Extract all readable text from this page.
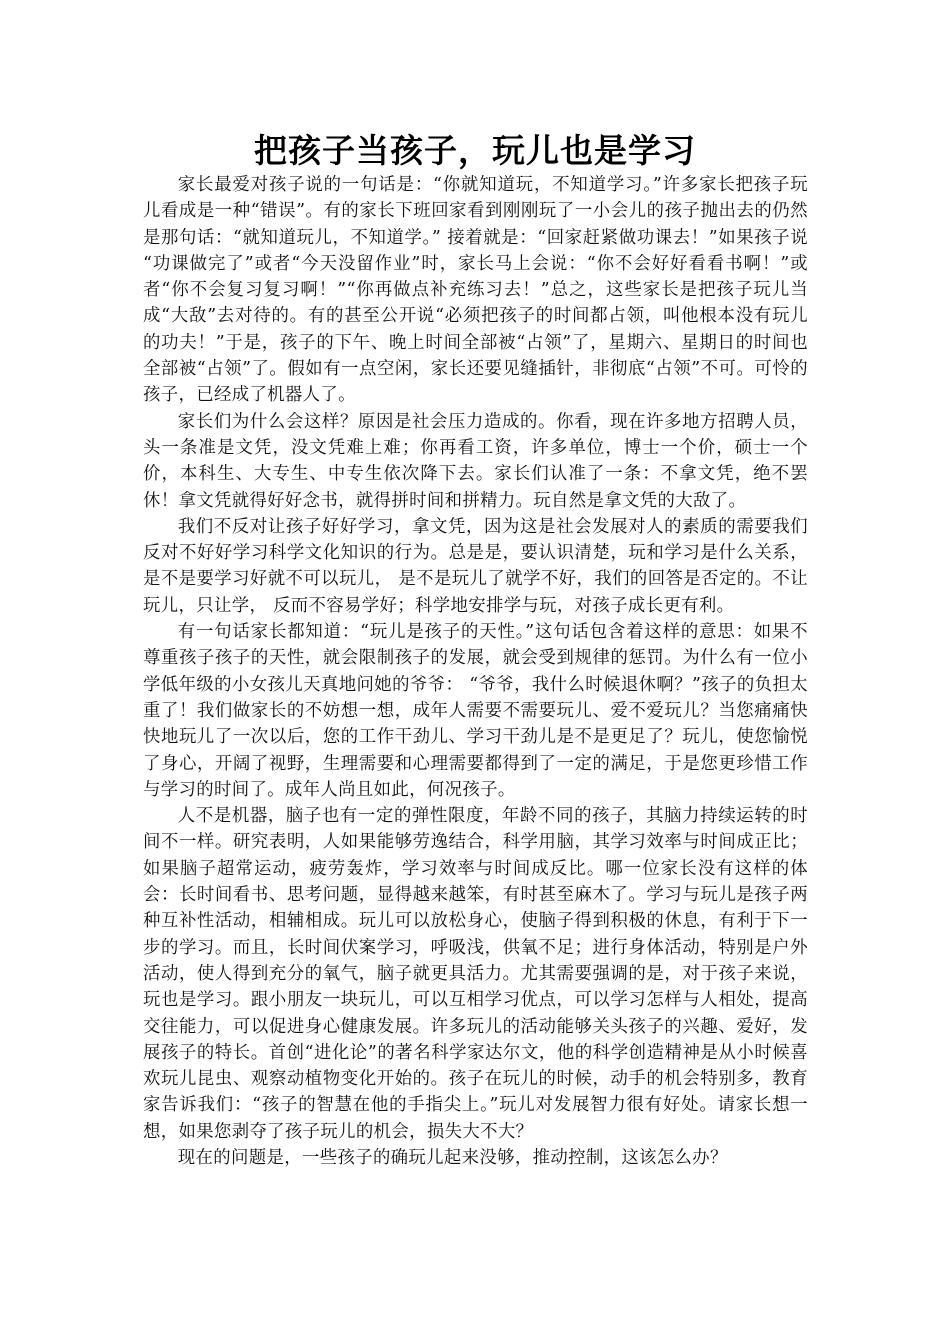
把孩子当孩子，玩儿也是学习

家长最爱对孩子说的一句话是：“你就知道玩，不知道学习。”许多家长把孩子玩儿看成是一种“错误”。有的家长下班回家看到刚刚玩了一小会儿的孩子抛出去的仍然是那句话：“就知道玩儿，不知道学。” 接着就是：“回家赶紧做功课去！”如果孩子说 “功课做完了”或者“今天没留作业”时，家长马上会说：“你不会好好看看书啊！”或者“你不会复习复习啊！”“你再做点补充练习去！”总之，这些家长是把孩子玩儿当成“大敌”去对待的。有的甚至公开说“必须把孩子的时间都占领，叫他根本没有玩儿的功夫！”于是，孩子的下午、晚上时间全部被“占领”了，星期六、星期日的时间也全部被“占领”了。假如有一点空闲，家长还要见缝插针，非彻底“占领”不可。可怜的孩子，已经成了机器人了。

家长们为什么会这样？原因是社会压力造成的。你看，现在许多地方招聘人员，头一条准是文凭，没文凭难上难；你再看工资，许多单位，博士一个价，硕士一个价，本科生、大专生、中专生依次降下去。家长们认准了一条：不拿文凭，绝不罢休！拿文凭就得好好念书，就得拼时间和拼精力。玩自然是拿文凭的大敌了。

我们不反对让孩子好好学习，拿文凭，因为这是社会发展对人的素质的需要我们反对不好好学习科学文化知识的行为。总是是，要认识清楚，玩和学习是什么关系，是不是要学习好就不可以玩儿， 是不是玩儿了就学不好，我们的回答是否定的。不让玩儿，只让学， 反而不容易学好；科学地安排学与玩，对孩子成长更有利。

有一句话家长都知道：“玩儿是孩子的天性。”这句话包含着这样的意思：如果不尊重孩子孩子的天性，就会限制孩子的发展，就会受到规律的惩罚。为什么有一位小学低年级的小女孩儿天真地问她的爷爷： “爷爷，我什么时候退休啊？”孩子的负担太重了！我们做家长的不妨想一想，成年人需要不需要玩儿、爱不爱玩儿？当您痛痛快快地玩儿了一次以后，您的工作干劲儿、学习干劲儿是不是更足了？玩儿，使您愉悦了身心，开阔了视野，生理需要和心理需要都得到了一定的满足，于是您更珍惜工作与学习的时间了。成年人尚且如此，何况孩子。

人不是机器，脑子也有一定的弹性限度，年龄不同的孩子，其脑力持续运转的时间不一样。研究表明，人如果能够劳逸结合，科学用脑，其学习效率与时间成正比；如果脑子超常运动，疲劳轰炸，学习效率与时间成反比。哪一位家长没有这样的体会：长时间看书、思考问题，显得越来越笨，有时甚至麻木了。学习与玩儿是孩子两种互补性活动，相辅相成。玩儿可以放松身心，使脑子得到积极的休息，有利于下一步的学习。而且，长时间伏案学习，呼吸浅，供氧不足；进行身体活动，特别是户外活动，使人得到充分的氧气，脑子就更具活力。尤其需要强调的是，对于孩子来说，玩也是学习。跟小朋友一块玩儿，可以互相学习优点，可以学习怎样与人相处，提高交往能力，可以促进身心健康发展。许多玩儿的活动能够关头孩子的兴趣、爱好，发展孩子的特长。首创“进化论”的著名科学家达尔文，他的科学创造精神是从小时候喜欢玩儿昆虫、观察动植物变化开始的。孩子在玩儿的时候，动手的机会特别多，教育家告诉我们：“孩子的智慧在他的手指尖上。”玩儿对发展智力很有好处。请家长想一想，如果您剥夺了孩子玩儿的机会，损失大不大？

现在的问题是，一些孩子的确玩儿起来没够，推动控制，这该怎么办？
